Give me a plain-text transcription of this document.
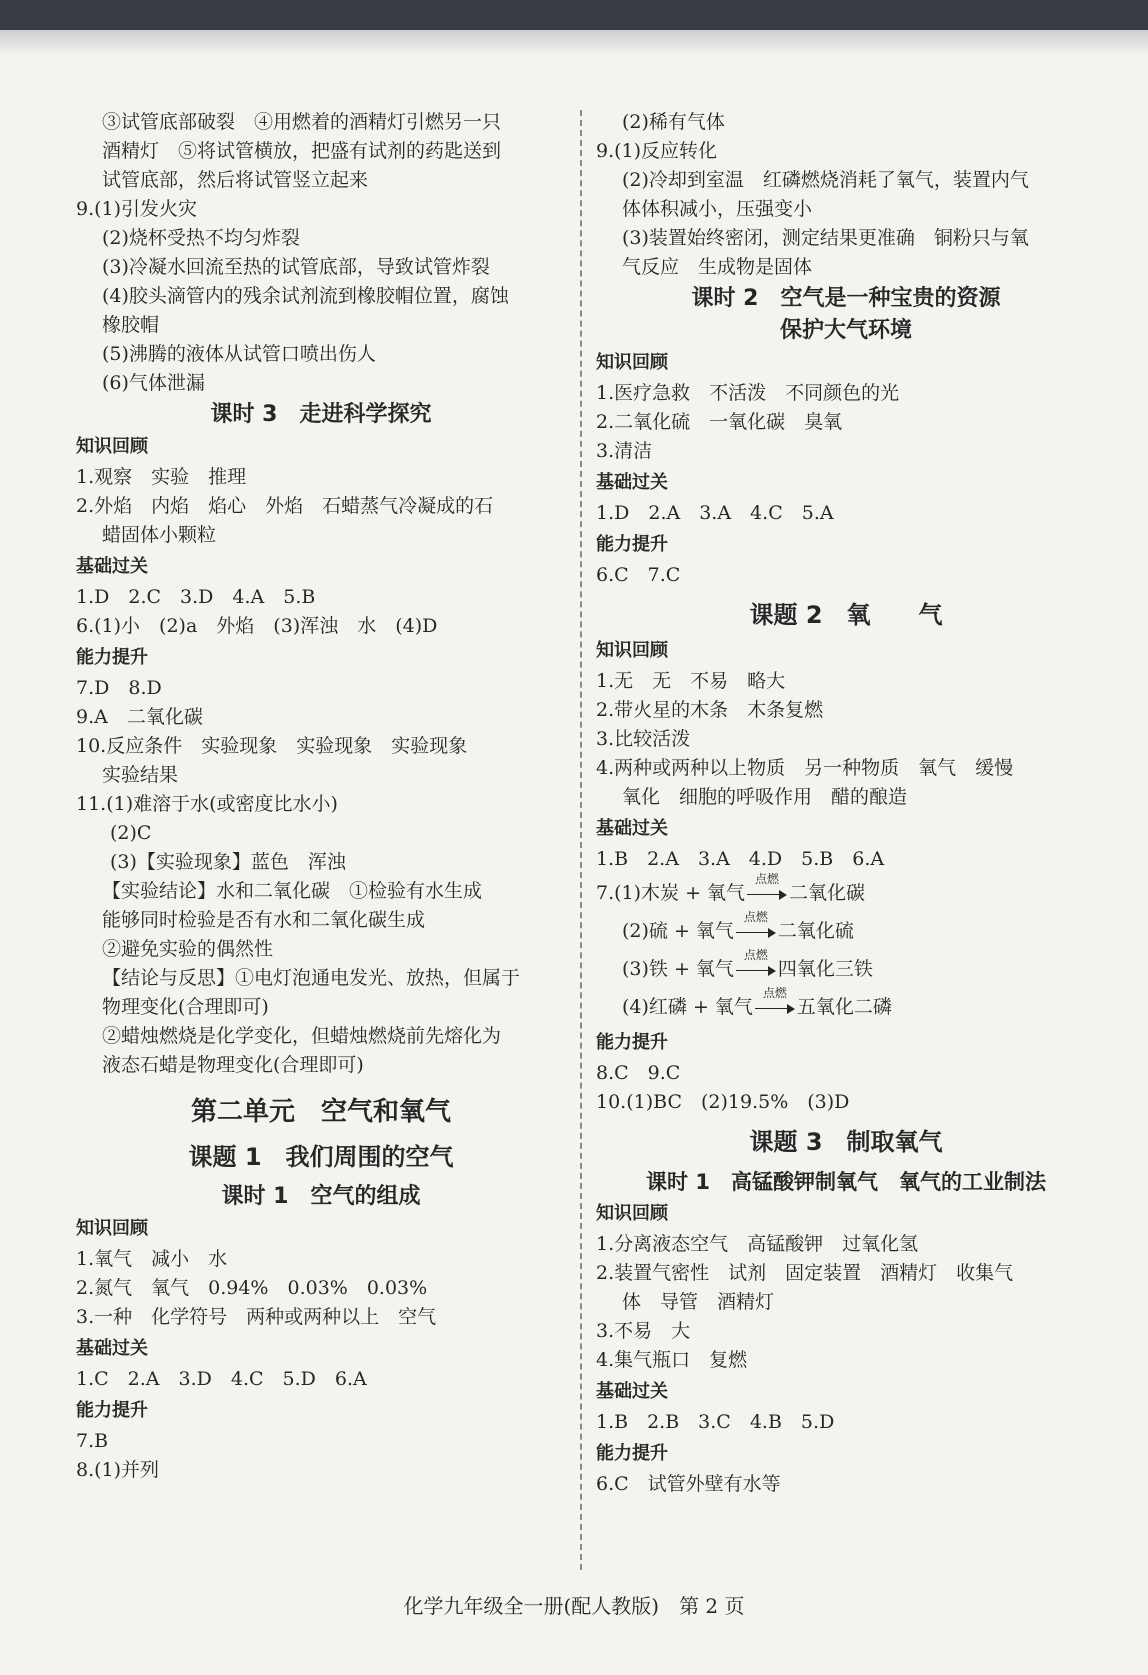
③试管底部破裂　④用燃着的酒精灯引燃另一只
酒精灯　⑤将试管横放，把盛有试剂的药匙送到
试管底部，然后将试管竖立起来
9.(1)引发火灾
(2)烧杯受热不均匀炸裂
(3)冷凝水回流至热的试管底部，导致试管炸裂
(4)胶头滴管内的残余试剂流到橡胶帽位置，腐蚀
橡胶帽
(5)沸腾的液体从试管口喷出伤人
(6)气体泄漏
课时 3　走进科学探究
知识回顾
1.观察　实验　推理
2.外焰　内焰　焰心　外焰　石蜡蒸气冷凝成的石
蜡固体小颗粒
基础过关
1.D　2.C　3.D　4.A　5.B
6.(1)小　(2)a　外焰　(3)浑浊　水　(4)D
能力提升
7.D　8.D
9.A　二氧化碳
10.反应条件　实验现象　实验现象　实验现象
实验结果
11.(1)难溶于水(或密度比水小)
(2)C
(3)【实验现象】蓝色　浑浊
【实验结论】水和二氧化碳　①检验有水生成
能够同时检验是否有水和二氧化碳生成
②避免实验的偶然性
【结论与反思】①电灯泡通电发光、放热，但属于
物理变化(合理即可)
②蜡烛燃烧是化学变化，但蜡烛燃烧前先熔化为
液态石蜡是物理变化(合理即可)
第二单元　空气和氧气
课题 1　我们周围的空气
课时 1　空气的组成
知识回顾
1.氧气　减小　水
2.氮气　氧气　0.94%　0.03%　0.03%
3.一种　化学符号　两种或两种以上　空气
基础过关
1.C　2.A　3.D　4.C　5.D　6.A
能力提升
7.B
8.(1)并列
(2)稀有气体
9.(1)反应转化
(2)冷却到室温　红磷燃烧消耗了氧气，装置内气
体体积减小，压强变小
(3)装置始终密闭，测定结果更准确　铜粉只与氧
气反应　生成物是固体
课时 2　空气是一种宝贵的资源
保护大气环境
知识回顾
1.医疗急救　不活泼　不同颜色的光
2.二氧化硫　一氧化碳　臭氧
3.清洁
基础过关
1.D　2.A　3.A　4.C　5.A
能力提升
6.C　7.C
课题 2　氧　　气
知识回顾
1.无　无　不易　略大
2.带火星的木条　木条复燃
3.比较活泼
4.两种或两种以上物质　另一种物质　氧气　缓慢
氧化　细胞的呼吸作用　醋的酿造
基础过关
1.B　2.A　3.A　4.D　5.B　6.A
7.(1)木炭 + 氧气
点燃
二氧化碳
(2)硫 + 氧气
点燃
二氧化硫
(3)铁 + 氧气
点燃
四氧化三铁
(4)红磷 + 氧气
点燃
五氧化二磷
能力提升
8.C　9.C
10.(1)BC　(2)19.5%　(3)D
课题 3　制取氧气
课时 1　高锰酸钾制氧气　氧气的工业制法
知识回顾
1.分离液态空气　高锰酸钾　过氧化氢
2.装置气密性　试剂　固定装置　酒精灯　收集气
体　导管　酒精灯
3.不易　大
4.集气瓶口　复燃
基础过关
1.B　2.B　3.C　4.B　5.D
能力提升
6.C　试管外壁有水等
化学九年级全一册(配人教版)　第 2 页
